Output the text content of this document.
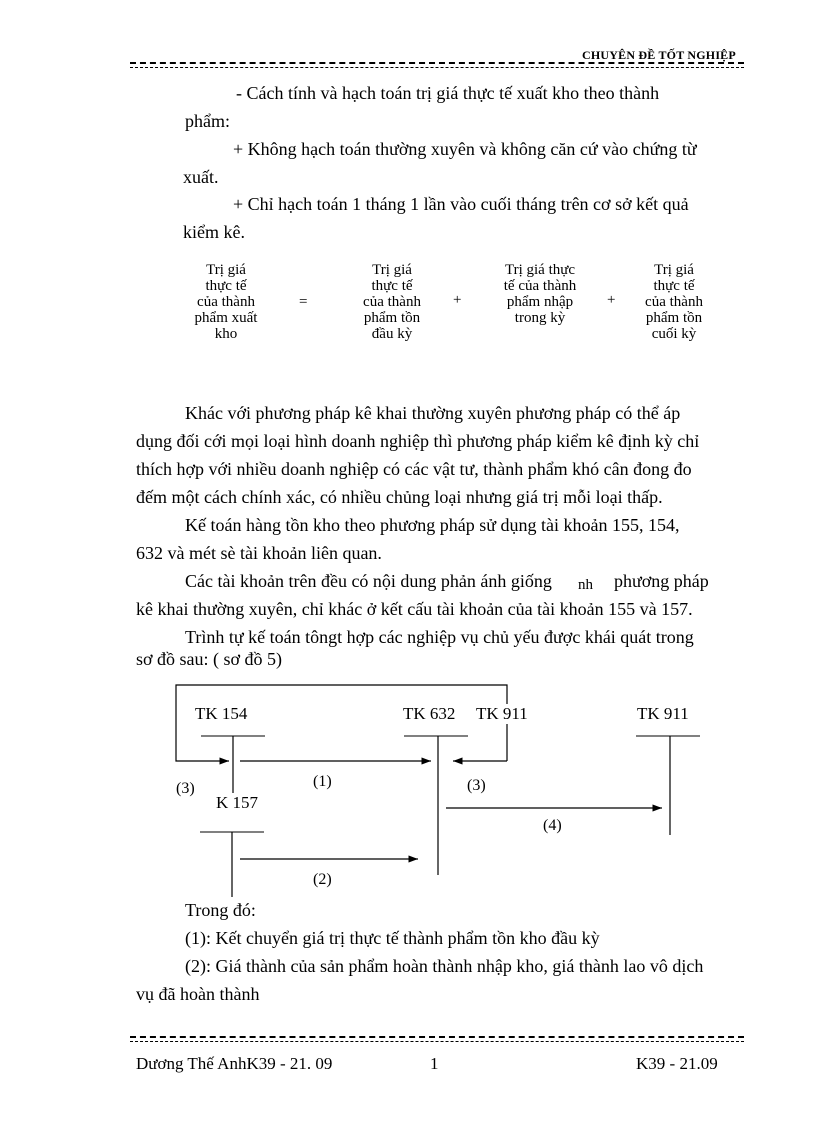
CHUYÊN ĐỀ TỐT NGHIỆP
- Cách tính và hạch toán trị giá thực tế xuất kho theo thành
phẩm:
+ Không hạch toán thường xuyên và không căn cứ vào chứng từ
xuất.
+ Chỉ hạch toán 1 tháng 1 lần vào cuối tháng trên cơ sở kết quả
kiểm kê.
Trị giá
thực tế
của thành
phẩm xuất
kho
=
Trị giá
thực tế
của thành
phẩm tồn
đầu kỳ
+
Trị giá thực
tế của thành
phẩm nhập
trong kỳ
+
Trị giá
thực tế
của thành
phẩm tồn
cuối kỳ
Khác với phương pháp kê khai thường xuyên phương pháp có thể áp
dụng đối cới mọi loại hình doanh nghiệp thì phương pháp kiểm kê định kỳ chỉ
thích hợp với nhiều doanh nghiệp có các vật tư, thành phẩm khó cân đong đo
đếm một cách chính xác, có nhiều chủng loại nhưng giá trị mỗi loại thấp.
Kế toán hàng tồn kho theo phương pháp sử dụng tài khoản 155, 154,
632 và mét sè tài khoản liên quan.
Các tài khoản trên đều có nội dung phản ánh giống nh phương pháp
kê khai thường xuyên, chỉ khác ở kết cấu tài khoản của tài khoản 155 và 157.
Trình tự kế toán tôngt hợp các nghiệp vụ chủ yếu được khái quát trong
sơ đồ sau: ( sơ đồ 5)
TK 154	TK 632 TK 911	TK 911
K 157
(1)
(3)	(3)
(4)
(2)
Trong đó:
(1): Kết chuyển giá trị thực tế thành phẩm tồn kho đầu kỳ
(2): Giá thành của sản phẩm hoàn thành nhập kho, giá thành lao vô dịch
vụ đã hoàn thành
Dương Thế AnhK39 - 21. 09	1	K39 - 21.09
